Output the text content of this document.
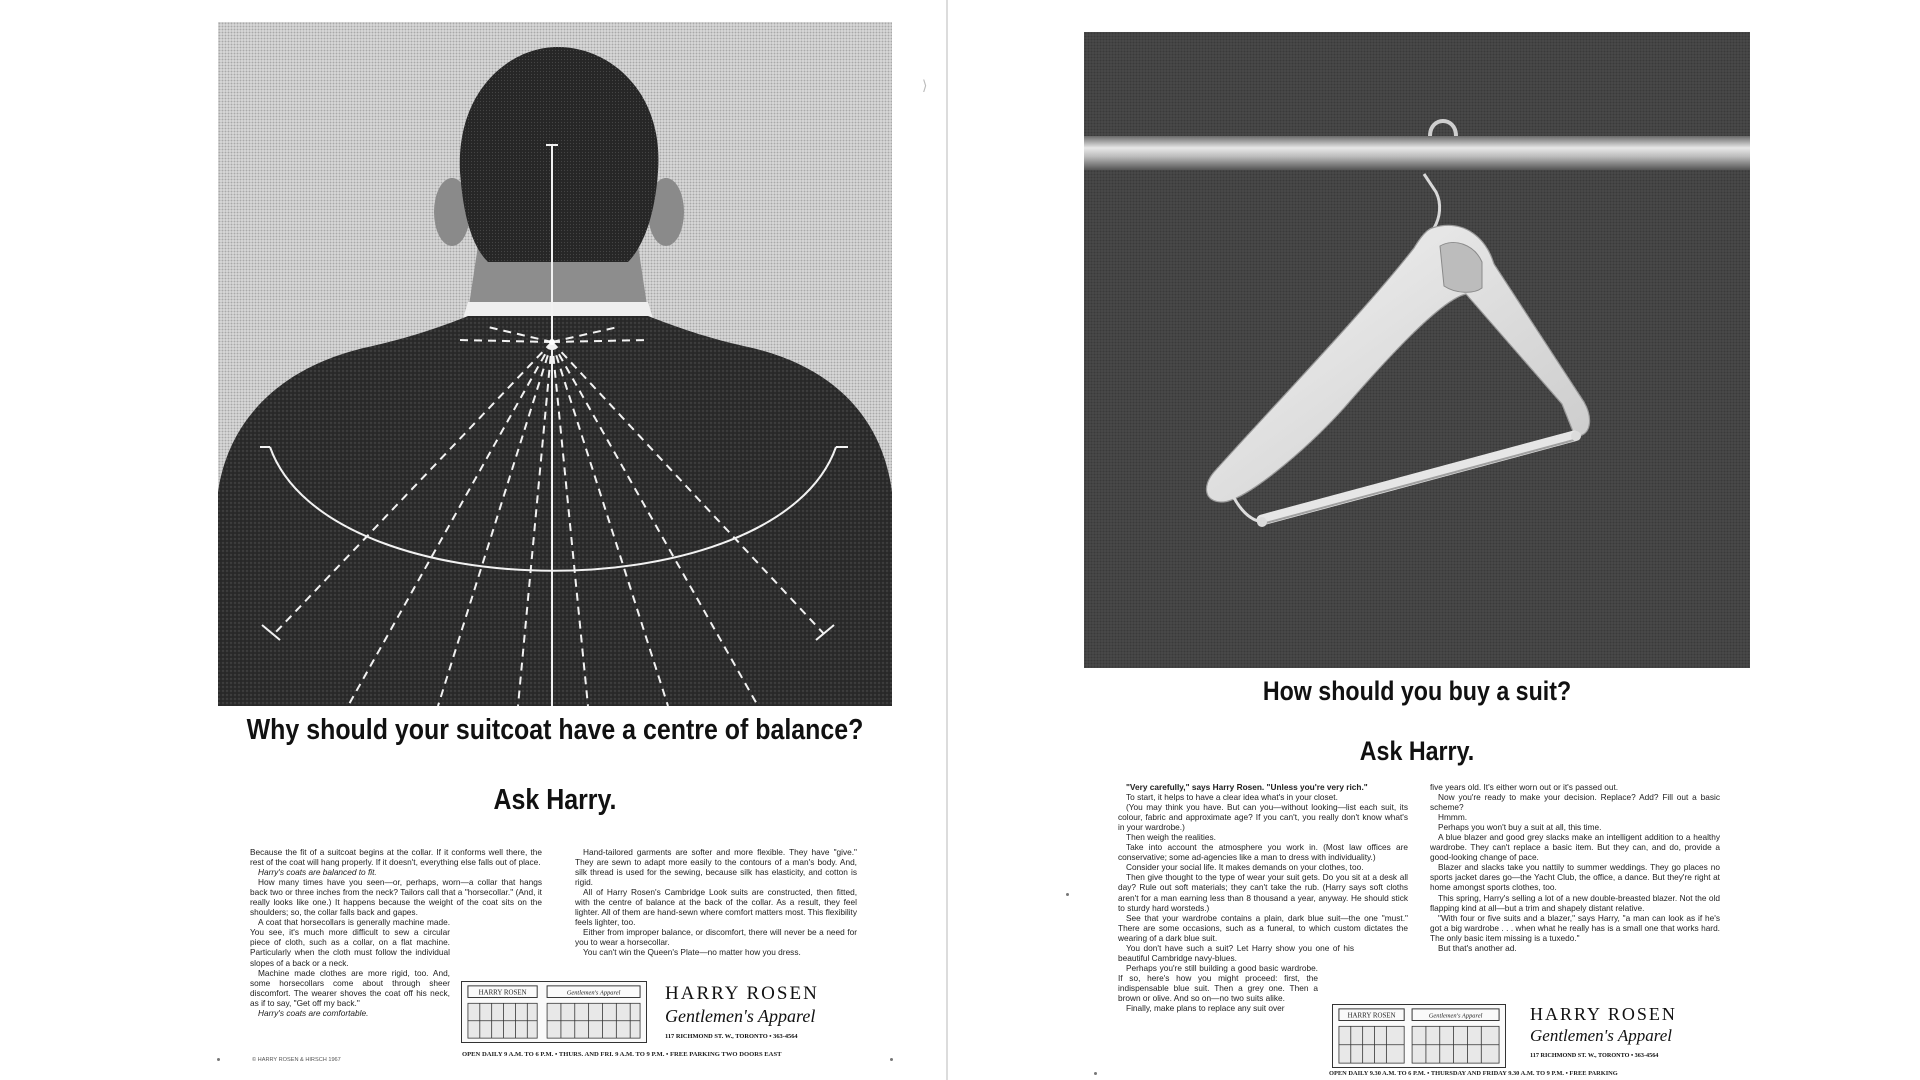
Why should your suitcoat have a centre of balance?
Ask Harry.

Because the fit of a suitcoat begins at the collar. If it conforms well there, the rest of the coat will hang properly. If it doesn't, everything else falls out of place.

Harry's coats are balanced to fit.

How many times have you seen—or, perhaps, worn—a collar that hangs back two or three inches from the neck? Tailors call that a "horsecollar." (And, it really looks like one.) It happens because the weight of the coat sits on the shoulders; so, the collar falls back and gapes.

A coat that horsecollars is generally machine made. You see, it's much more difficult to sew a circular piece of cloth, such as a collar, on a flat machine. Particularly when the cloth must follow the individual slopes of a back or a neck.

Machine made clothes are more rigid, too. And, some horsecollars come about through sheer discomfort. The wearer shoves the coat off his neck, as if to say, "Get off my back."

Harry's coats are comfortable.

Hand-tailored garments are softer and more flexible. They have "give." They are sewn to adapt more easily to the contours of a man's body. And, silk thread is used for the sewing, because silk has elasticity, and cotton is rigid.

All of Harry Rosen's Cambridge Look suits are constructed, then fitted, with the centre of balance at the back of the collar. As a result, they feel lighter. All of them are hand-sewn where comfort matters most. This flexibility feels lighter, too.

Either from improper balance, or discomfort, there will never be a need for you to wear a horsecollar.

You can't win the Queen's Plate—no matter how you dress.

© HARRY ROSEN & HIRSCH 1967
HARRY ROSEN	Gentlemen's Apparel HARRY ROSEN
Gentlemen's Apparel
117 RICHMOND ST. W., TORONTO • 363-4564
OPEN DAILY 9 A.M. TO 6 P.M. • THURS. AND FRI. 9 A.M. TO 9 P.M. • FREE PARKING TWO DOORS EAST
⟩
How should you buy a suit?
Ask Harry.

"Very carefully," says Harry Rosen. "Unless you're very rich."

To start, it helps to have a clear idea what's in your closet.

(You may think you have. But can you—without looking—list each suit, its colour, fabric and approximate age? If you can't, you really don't know what's in your wardrobe.)

Then weigh the realities.

Take into account the atmosphere you work in. (Most law offices are conservative; some ad-agencies like a man to dress with individuality.)

Consider your social life. It makes demands on your clothes, too.

Then give thought to the type of wear your suit gets. Do you sit at a desk all day? Rule out soft materials; they can't take the rub. (Harry says soft cloths aren't for a man earning less than 8 thousand a year, anyway. He should stick to sturdy hard worsteds.)

See that your wardrobe contains a plain, dark blue suit—the one "must." There are some occasions, such as a funeral, to which custom dictates the wearing of a dark blue suit.

You don't have such a suit? Let Harry show you one of his beautiful Cambridge navy-blues.

Perhaps you're still building a good basic wardrobe. If so, here's how you might proceed: first, the indispensable blue suit. Then a grey one. Then a brown or olive. And so on—no two suits alike.

Finally, make plans to replace any suit over

five years old. It's either worn out or it's passed out.

Now you're ready to make your decision. Replace? Add? Fill out a basic scheme?

Hmmm.

Perhaps you won't buy a suit at all, this time.

A blue blazer and good grey slacks make an intelligent addition to a healthy wardrobe. They can't replace a basic item. But they can, and do, provide a good-looking change of pace.

Blazer and slacks take you nattily to summer weddings. They go places no sports jacket dares go—the Yacht Club, the office, a dance. But they're right at home amongst sports clothes, too.

This spring, Harry's selling a lot of a new double-breasted blazer. Not the old flapping kind at all—but a trim and shapely distant relative.

"With four or five suits and a blazer," says Harry, "a man can look as if he's got a big wardrobe . . . when what he really has is a small one that works hard. The only basic item missing is a tuxedo."

But that's another ad.

HARRY ROSEN	Gentlemen's Apparel	HARRY ROSEN
Gentlemen's Apparel
117 RICHMOND ST. W., TORONTO • 363-4564
OPEN DAILY 9.30 A.M. TO 6 P.M. • THURSDAY AND FRIDAY 9.30 A.M. TO 9 P.M. • FREE PARKING
